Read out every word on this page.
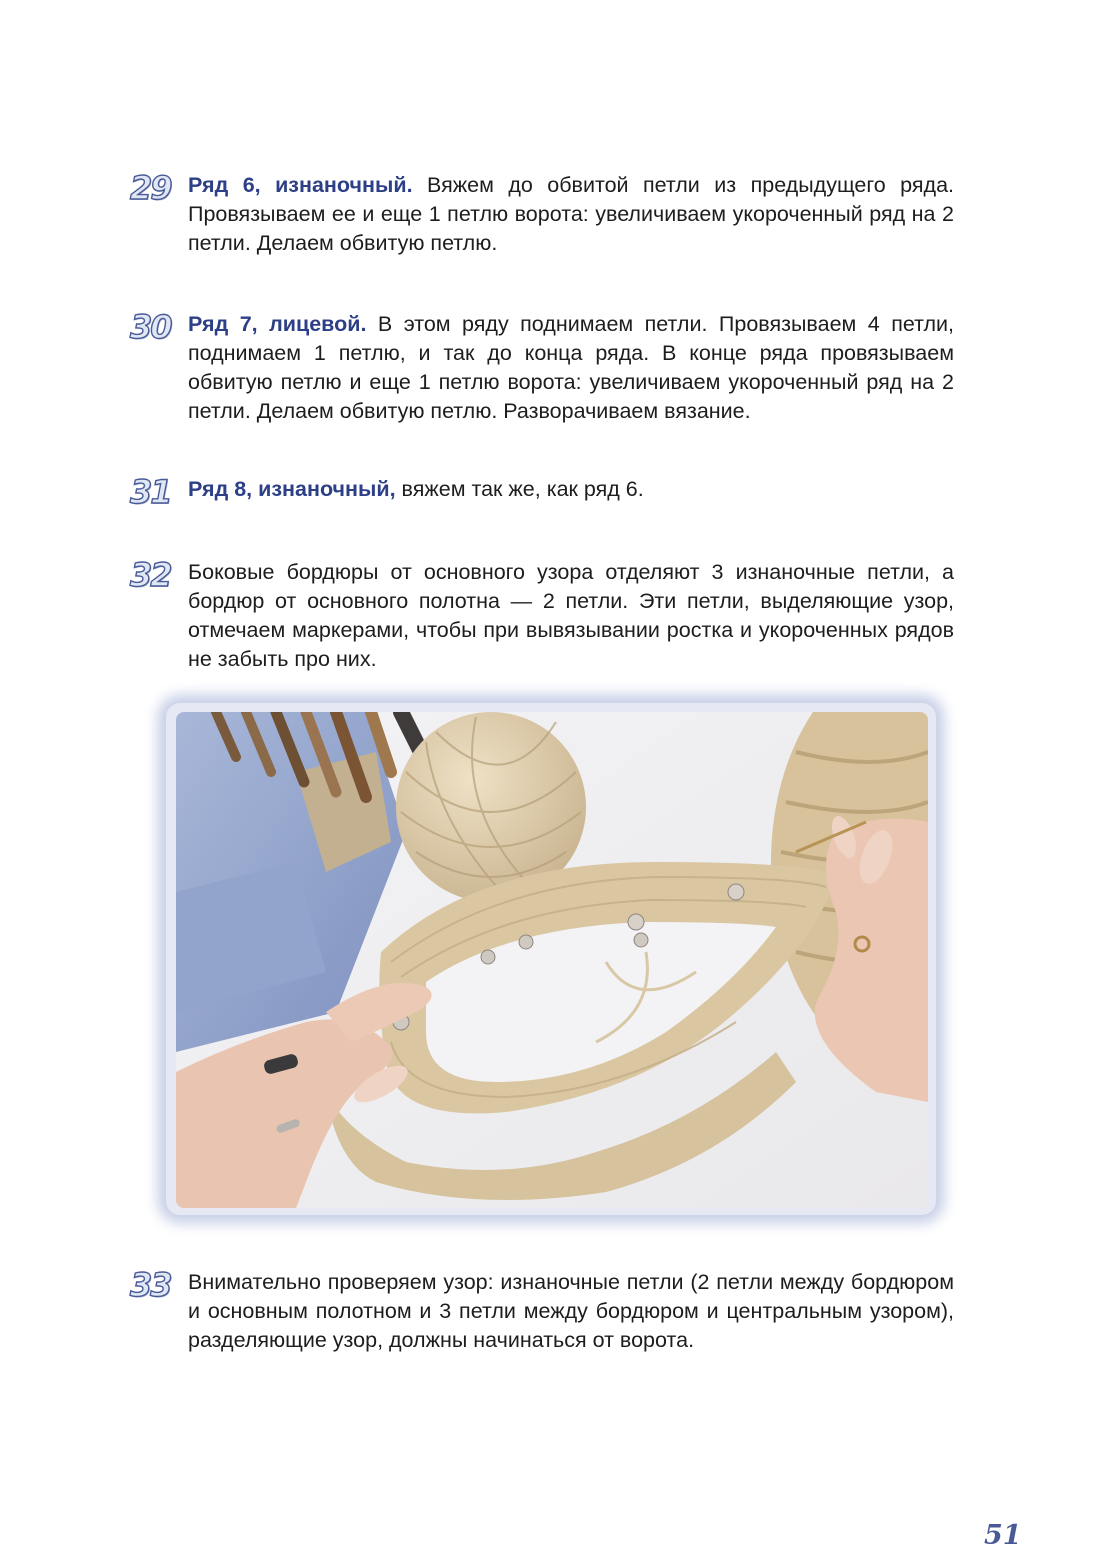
29 Ряд 6, изнаночный. Вяжем до обвитой петли из предыдущего ряда. Провязываем ее и еще 1 петлю ворота: увеличиваем укороченный ряд на 2 петли. Делаем обвитую петлю.
30 Ряд 7, лицевой. В этом ряду поднимаем петли. Провязываем 4 петли, поднимаем 1 петлю, и так до конца ряда. В конце ряда провязываем обвитую петлю и еще 1 петлю ворота: увеличиваем укороченный ряд на 2 петли. Делаем обвитую петлю. Разворачиваем вязание.
31 Ряд 8, изнаночный, вяжем так же, как ряд 6.
32 Боковые бордюры от основного узора отделяют 3 изнаночные петли, а бордюр от основного полотна — 2 петли. Эти петли, выделяющие узор, отмечаем маркерами, чтобы при вывязывании ростка и укороченных рядов не забыть про них.
33 Внимательно проверяем узор: изнаночные петли (2 петли между бордюром и основным полотном и 3 петли между бордюром и центральным узором), разделяющие узор, должны начинаться от ворота.
51
